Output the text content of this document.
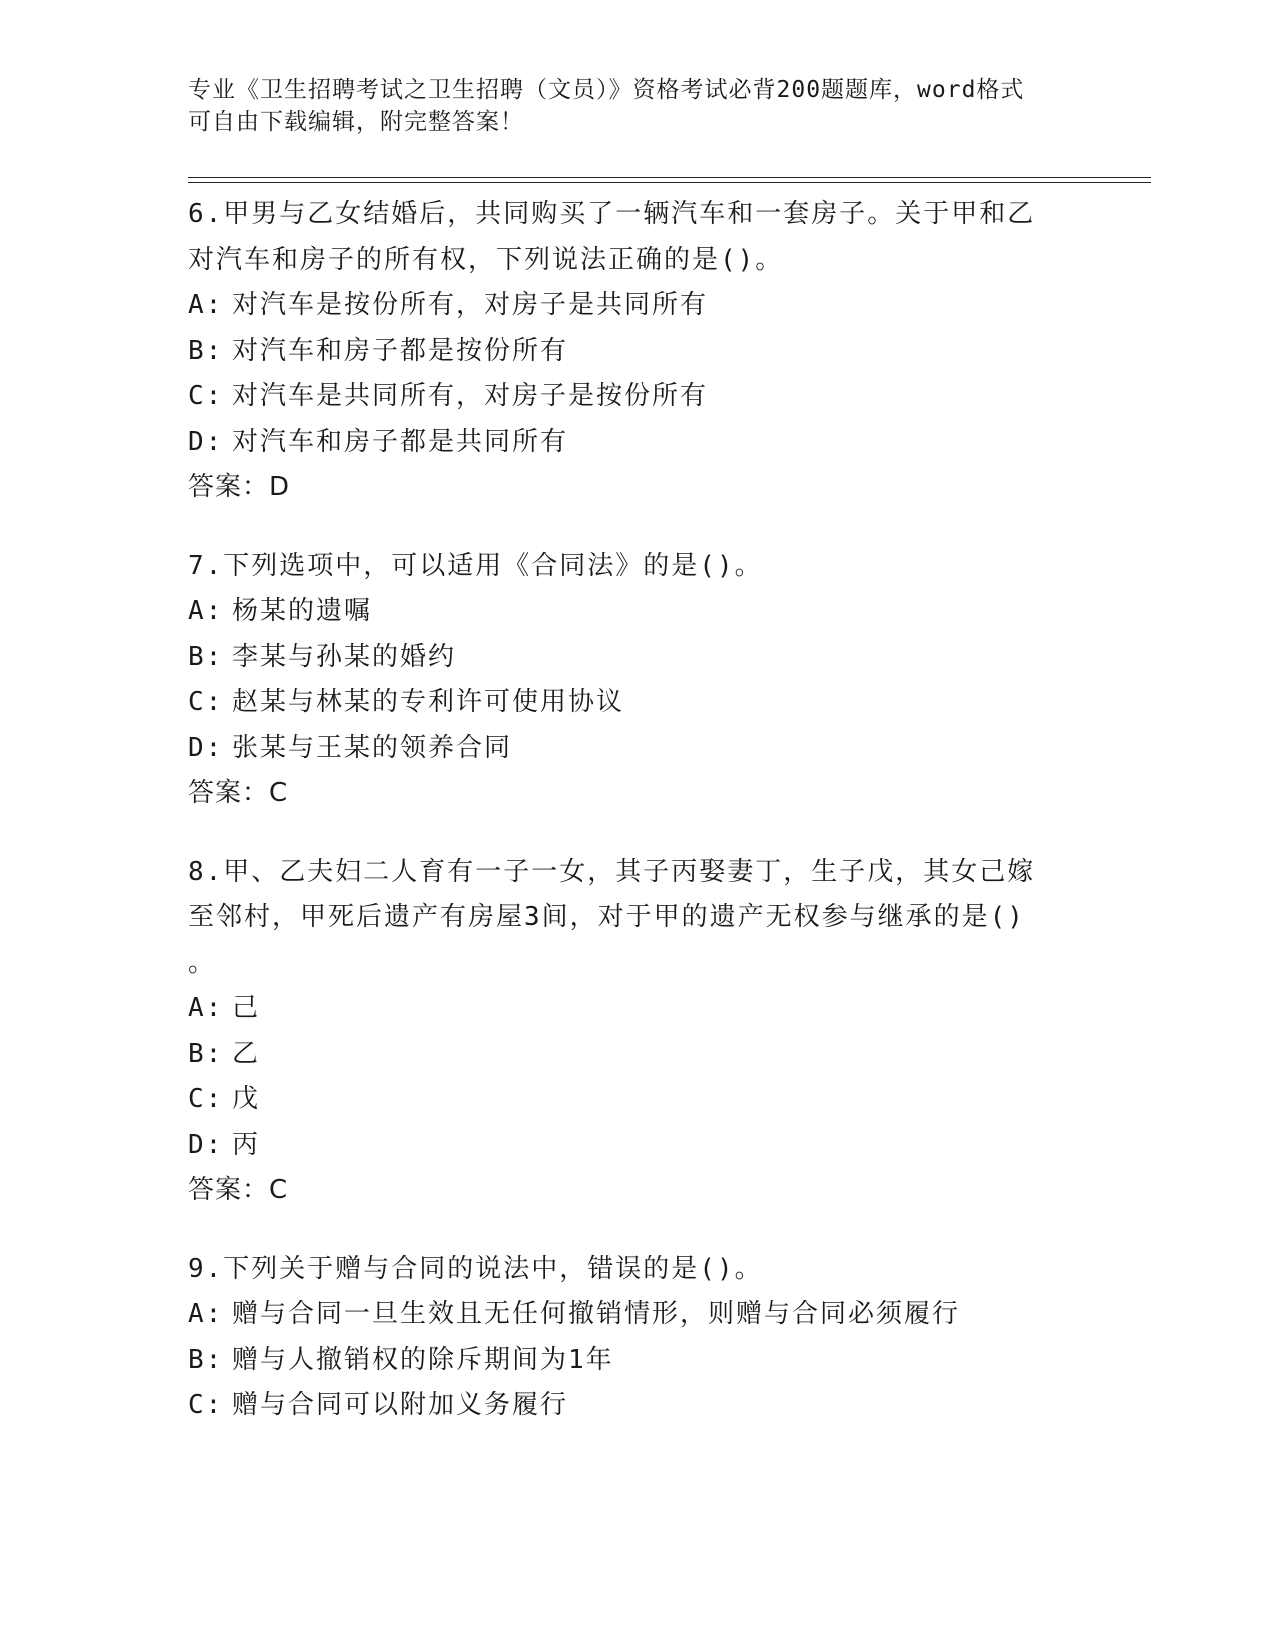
专业《卫生招聘考试之卫生招聘（文员）》资格考试必背200题题库，word格式
可自由下载编辑，附完整答案！
6.甲男与乙女结婚后，共同购买了一辆汽车和一套房子。关于甲和乙
对汽车和房子的所有权，下列说法正确的是()。
A: 对汽车是按份所有，对房子是共同所有
B: 对汽车和房子都是按份所有
C: 对汽车是共同所有，对房子是按份所有
D: 对汽车和房子都是共同所有
答案：D
7.下列选项中，可以适用《合同法》的是()。
A: 杨某的遗嘱
B: 李某与孙某的婚约
C: 赵某与林某的专利许可使用协议
D: 张某与王某的领养合同
答案：C
8.甲、乙夫妇二人育有一子一女，其子丙娶妻丁，生子戊，其女己嫁
至邻村，甲死后遗产有房屋3间，对于甲的遗产无权参与继承的是()
。
A: 己
B: 乙
C: 戊
D: 丙
答案：C
9.下列关于赠与合同的说法中，错误的是()。
A: 赠与合同一旦生效且无任何撤销情形，则赠与合同必须履行
B: 赠与人撤销权的除斥期间为1年
C: 赠与合同可以附加义务履行
